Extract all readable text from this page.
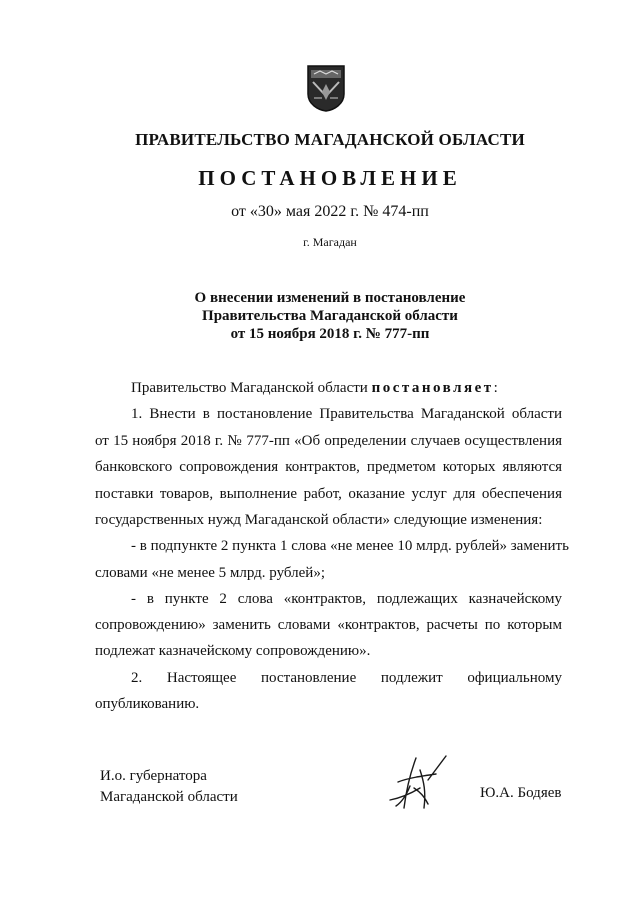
ПРАВИТЕЛЬСТВО МАГАДАНСКОЙ ОБЛАСТИ
ПОСТАНОВЛЕНИЕ
от «30» мая 2022 г. № 474-пп
г. Магадан
О внесении изменений в постановление
Правительства Магаданской области
от 15 ноября 2018 г. № 777-пп
Правительство Магаданской области постановляет:
1. Внести в постановление Правительства Магаданской области
от 15 ноября 2018 г. № 777-пп «Об определении случаев осуществления
банковского сопровождения контрактов, предметом которых являются
поставки товаров, выполнение работ, оказание услуг для обеспечения
государственных нужд Магаданской области» следующие изменения:
- в подпункте 2 пункта 1 слова «не менее 10 млрд. рублей» заменить
словами «не менее 5 млрд. рублей»;
- в пункте 2 слова «контрактов, подлежащих казначейскому
сопровождению» заменить словами «контрактов, расчеты по которым
подлежат казначейскому сопровождению».
2. Настоящее постановление подлежит официальному
опубликованию.
И.о. губернатора
Магаданской области	Ю.А. Бодяев
